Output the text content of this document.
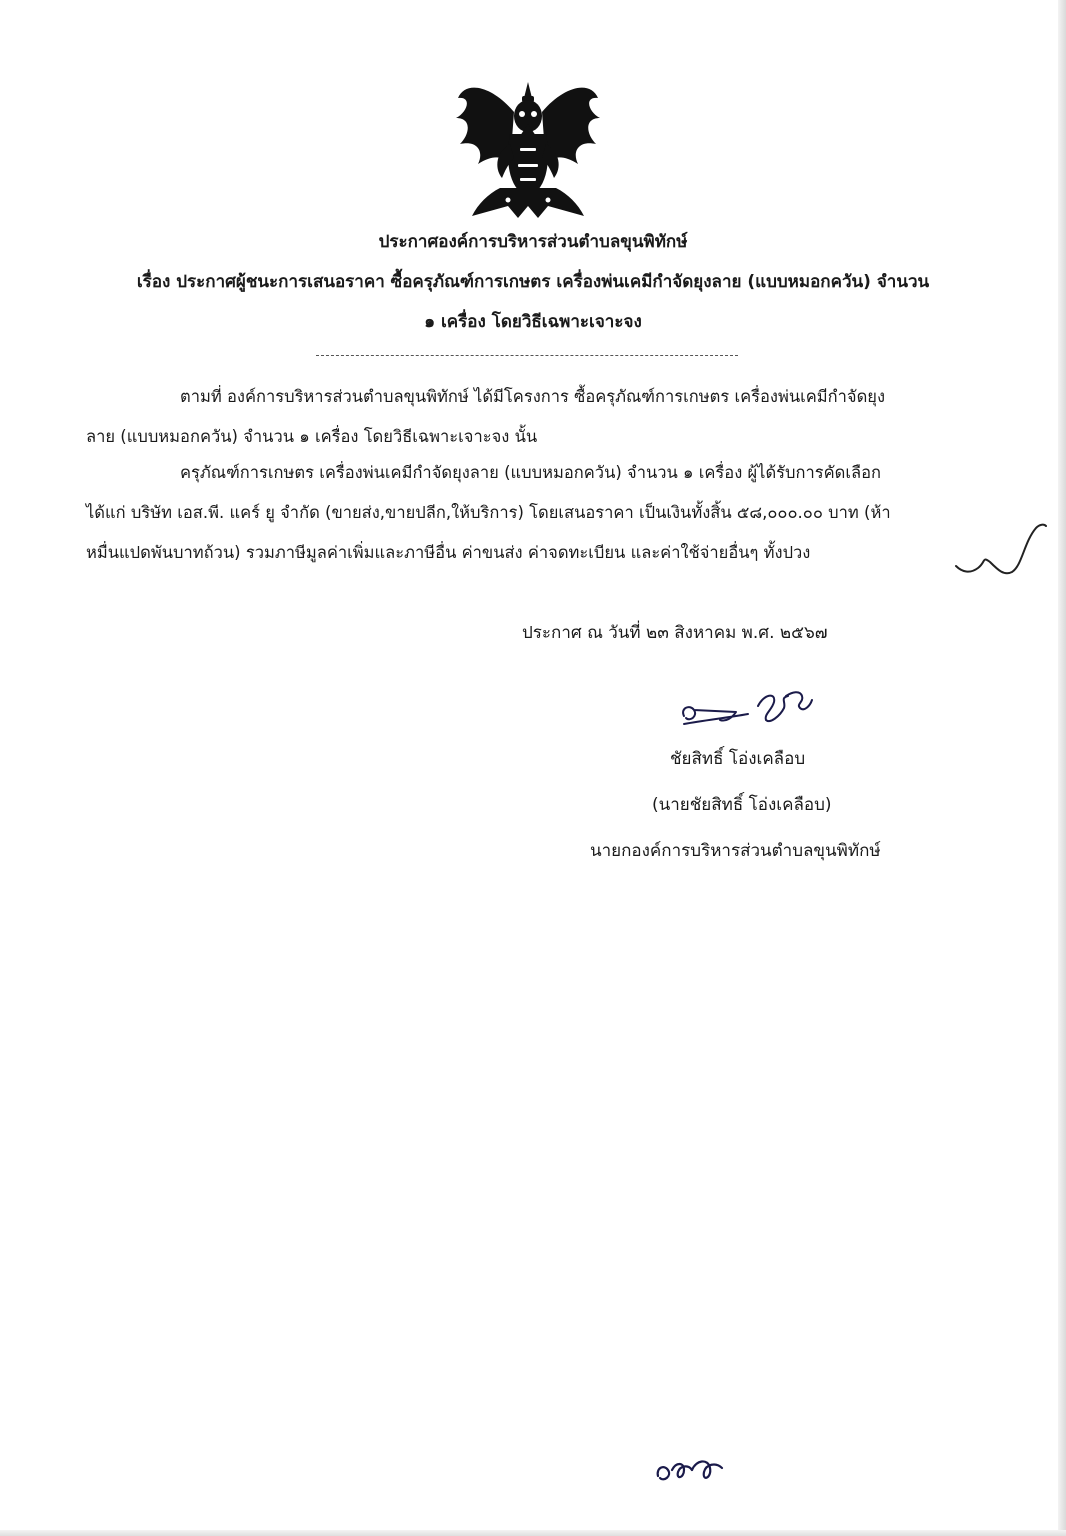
ประกาศองค์การบริหารส่วนตำบลขุนพิทักษ์
เรื่อง ประกาศผู้ชนะการเสนอราคา ซื้อครุภัณฑ์การเกษตร เครื่องพ่นเคมีกำจัดยุงลาย (แบบหมอกควัน) จำนวน
๑ เครื่อง โดยวิธีเฉพาะเจาะจง
ตามที่ องค์การบริหารส่วนตำบลขุนพิทักษ์ ได้มีโครงการ ซื้อครุภัณฑ์การเกษตร เครื่องพ่นเคมีกำจัดยุง
ลาย (แบบหมอกควัน) จำนวน ๑ เครื่อง โดยวิธีเฉพาะเจาะจง นั้น
ครุภัณฑ์การเกษตร เครื่องพ่นเคมีกำจัดยุงลาย (แบบหมอกควัน) จำนวน ๑ เครื่อง ผู้ได้รับการคัดเลือก
ได้แก่ บริษัท เอส.พี. แคร์ ยู จำกัด (ขายส่ง,ขายปลีก,ให้บริการ) โดยเสนอราคา เป็นเงินทั้งสิ้น ๕๘,๐๐๐.๐๐ บาท (ห้า
หมื่นแปดพันบาทถ้วน) รวมภาษีมูลค่าเพิ่มและภาษีอื่น ค่าขนส่ง ค่าจดทะเบียน และค่าใช้จ่ายอื่นๆ ทั้งปวง
ประกาศ ณ วันที่ ๒๓ สิงหาคม พ.ศ. ๒๕๖๗
ชัยสิทธิ์ โอ่งเคลือบ
(นายชัยสิทธิ์ โอ่งเคลือบ)
นายกองค์การบริหารส่วนตำบลขุนพิทักษ์
